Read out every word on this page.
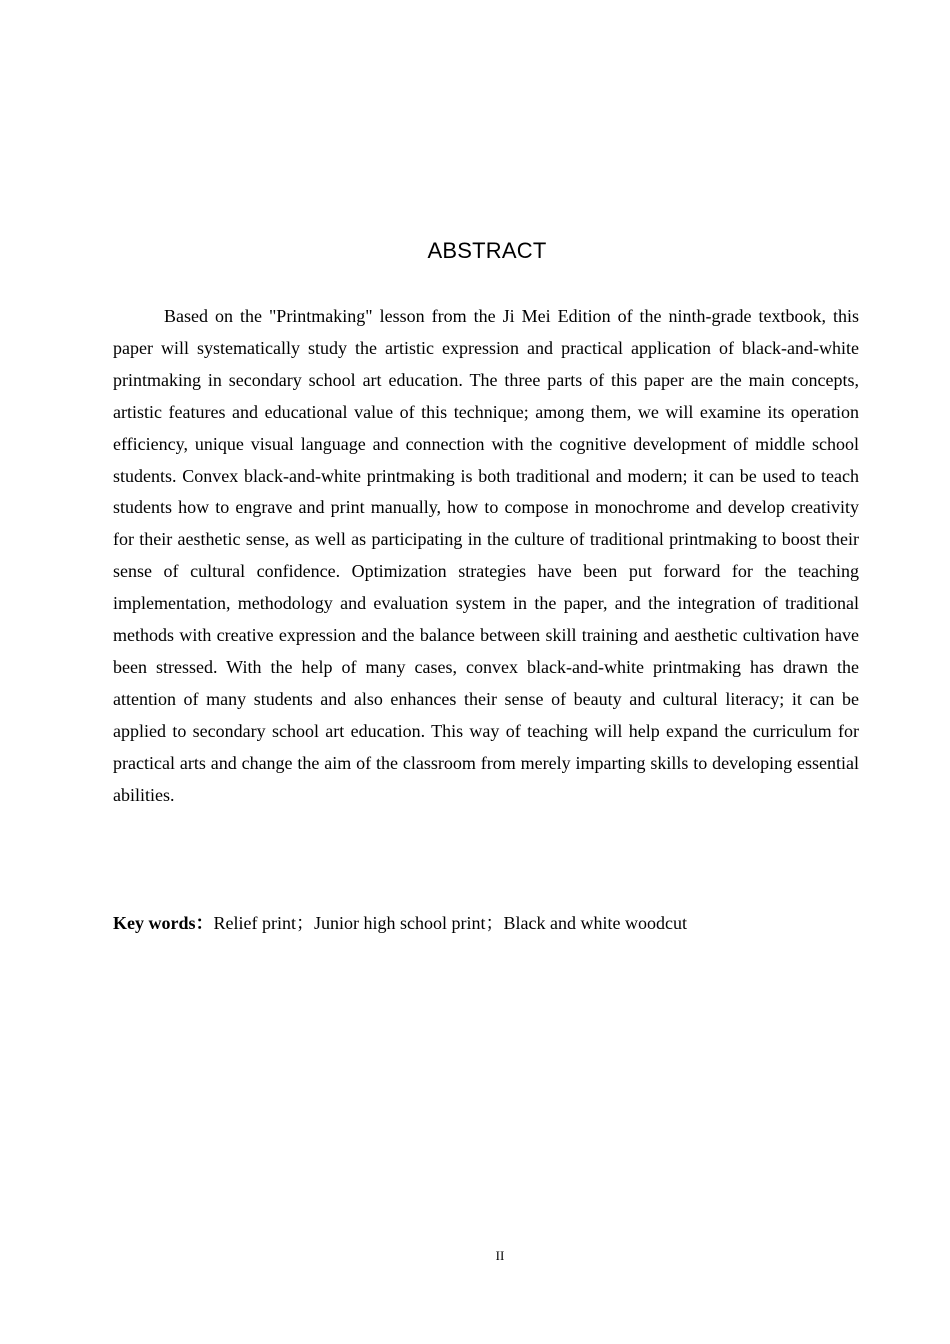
ABSTRACT

Based on the "Printmaking" lesson from the Ji Mei Edition of the ninth-grade textbook, this paper will systematically study the artistic expression and practical application of black-and-white printmaking in secondary school art education. The three parts of this paper are the main concepts, artistic features and educational value of this technique; among them, we will examine its operation efficiency, unique visual language and connection with the cognitive development of middle school students. Convex black-and-white printmaking is both traditional and modern; it can be used to teach students how to engrave and print manually, how to compose in monochrome and develop creativity for their aesthetic sense, as well as participating in the culture of traditional printmaking to boost their sense of cultural confidence. Optimization strategies have been put forward for the teaching implementation, methodology and evaluation system in the paper, and the integration of traditional methods with creative expression and the balance between skill training and aesthetic cultivation have been stressed. With the help of many cases, convex black-and-white printmaking has drawn the attention of many students and also enhances their sense of beauty and cultural literacy; it can be applied to secondary school art education. This way of teaching will help expand the curriculum for practical arts and change the aim of the classroom from merely imparting skills to developing essential abilities.

Key words：Relief print；Junior high school print；Black and white woodcut

II
